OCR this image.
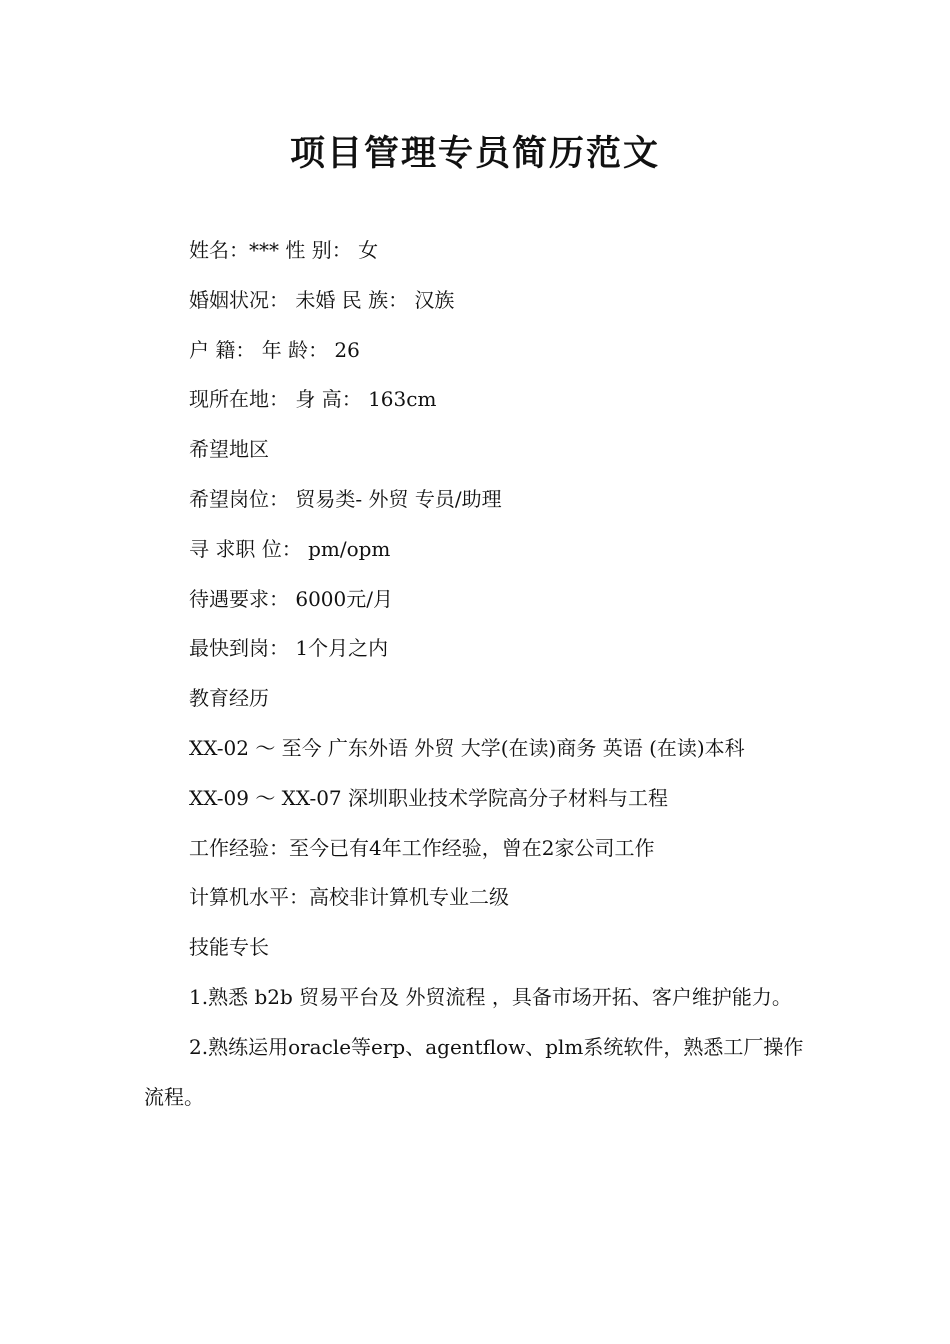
项目管理专员简历范文

姓名：*** 性 别： 女

婚姻状况： 未婚 民 族： 汉族

户 籍： 年 龄： 26

现所在地： 身 高： 163cm

希望地区

希望岗位： 贸易类- 外贸 专员/助理

寻 求职 位： pm/opm

待遇要求： 6000元/月

最快到岗： 1个月之内

教育经历

XX-02 ～ 至今 广东外语 外贸 大学(在读)商务 英语 (在读)本科

XX-09 ～ XX-07 深圳职业技术学院高分子材料与工程

工作经验：至今已有4年工作经验，曾在2家公司工作

计算机水平：高校非计算机专业二级

技能专长

1.熟悉 b2b 贸易平台及 外贸流程 ，具备市场开拓、客户维护能力。

2.熟练运用oracle等erp、agentflow、plm系统软件，熟悉工厂操作流程。
